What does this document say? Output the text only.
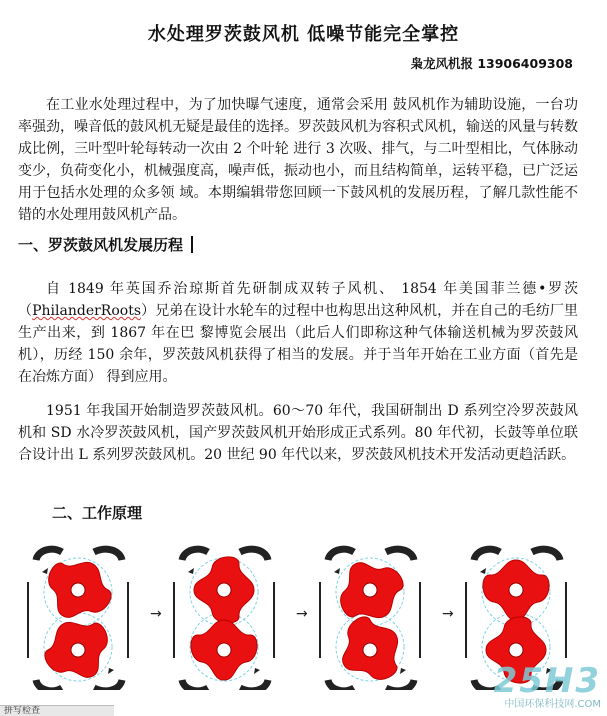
水处理罗茨鼓风机 低噪节能完全掌控
枭龙风机报 13906409308

在工业水处理过程中，为了加快曝气速度，通常会采用 鼓风机作为辅助设施，一台功率强劲，噪音低的鼓风机无疑是最佳的选择。罗茨鼓风机为容积式风机，输送的风量与转数成比例，三叶型叶轮每转动一次由 2 个叶轮 进行 3 次吸、排气，与二叶型相比，气体脉动变少，负荷变化小，机械强度高，噪声低，振动也小，而且结构简单，运转平稳，已广泛运用于包括水处理的众多领 域。本期编辑带您回顾一下鼓风机的发展历程，了解几款性能不错的水处理用鼓风机产品。

一、罗茨鼓风机发展历程

自 1849 年英国乔治琼斯首先研制成双转子风机、 1854 年美国菲兰德•罗茨（PhilanderRoots）兄弟在设计水轮车的过程中也构思出这种风机，并在自己的毛纺厂里生产出来，到 1867 年在巴 黎博览会展出（此后人们即称这种气体输送机械为罗茨鼓风机），历经 150 余年，罗茨鼓风机获得了相当的发展。并于当年开始在工业方面（首先是在冶炼方面） 得到应用。

1951 年我国开始制造罗茨鼓风机。60～70 年代，我国研制出 D 系列空冷罗茨鼓风机和 SD 水冷罗茨鼓风机，国产罗茨鼓风机开始形成正式系列。80 年代初，长鼓等单位联合设计出 L 系列罗茨鼓风机。20 世纪 90 年代以来，罗茨鼓风机技术开发活动更趋活跃。

二、工作原理
→	→	→
25H3
中国环保科技网.COM
拼写检查
